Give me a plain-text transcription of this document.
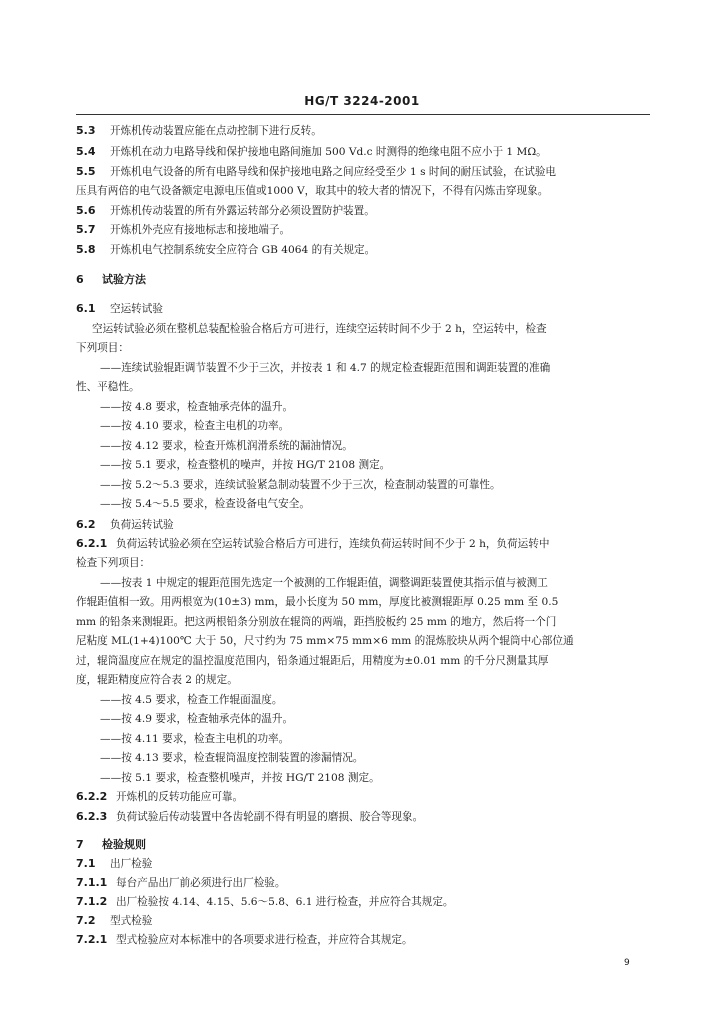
HG/T 3224-2001
5.3 开炼机传动装置应能在点动控制下进行反转。
5.4 开炼机在动力电路导线和保护接地电路间施加 500 Vd.c 时测得的绝缘电阻不应小于 1 MΩ。
5.5 开炼机电气设备的所有电路导线和保护接地电路之间应经受至少 1 s 时间的耐压试验，在试验电
压具有两倍的电气设备额定电源电压值或1000 V，取其中的较大者的情况下，不得有闪炼击穿现象。
5.6 开炼机传动装置的所有外露运转部分必须设置防护装置。
5.7 开炼机外壳应有接地标志和接地端子。
5.8 开炼机电气控制系统安全应符合 GB 4064 的有关规定。
6 试验方法
6.1 空运转试验
空运转试验必须在整机总装配检验合格后方可进行，连续空运转时间不少于 2 h，空运转中，检查
下列项目：
——连续试验辊距调节装置不少于三次，并按表 1 和 4.7 的规定检查辊距范围和调距装置的准确
性、平稳性。
——按 4.8 要求，检查轴承壳体的温升。
——按 4.10 要求，检查主电机的功率。
——按 4.12 要求，检查开炼机润滑系统的漏油情况。
——按 5.1 要求，检查整机的噪声，并按 HG/T 2108 测定。
——按 5.2～5.3 要求，连续试验紧急制动装置不少于三次，检查制动装置的可靠性。
——按 5.4～5.5 要求，检查设备电气安全。
6.2 负荷运转试验
6.2.1 负荷运转试验必须在空运转试验合格后方可进行，连续负荷运转时间不少于 2 h，负荷运转中
检查下列项目：
——按表 1 中规定的辊距范围先选定一个被测的工作辊距值，调整调距装置使其指示值与被测工
作辊距值相一致。用两根宽为(10±3) mm，最小长度为 50 mm，厚度比被测辊距厚 0.25 mm 至 0.5
mm 的铅条来测辊距。把这两根铅条分别放在辊筒的两端，距挡胶板约 25 mm 的地方，然后将一个门
尼粘度 ML(1+4)100℃ 大于 50，尺寸约为 75 mm×75 mm×6 mm 的混炼胶块从两个辊筒中心部位通
过，辊筒温度应在规定的温控温度范围内，铅条通过辊距后，用精度为±0.01 mm 的千分尺测量其厚
度，辊距精度应符合表 2 的规定。
——按 4.5 要求，检查工作辊面温度。
——按 4.9 要求，检查轴承壳体的温升。
——按 4.11 要求，检查主电机的功率。
——按 4.13 要求，检查辊筒温度控制装置的渗漏情况。
——按 5.1 要求，检查整机噪声，并按 HG/T 2108 测定。
6.2.2 开炼机的反转功能应可靠。
6.2.3 负荷试验后传动装置中各齿轮副不得有明显的磨损、胶合等现象。
7 检验规则
7.1 出厂检验
7.1.1 每台产品出厂前必须进行出厂检验。
7.1.2 出厂检验按 4.14、4.15、5.6～5.8、6.1 进行检查，并应符合其规定。
7.2 型式检验
7.2.1 型式检验应对本标准中的各项要求进行检查，并应符合其规定。
9
